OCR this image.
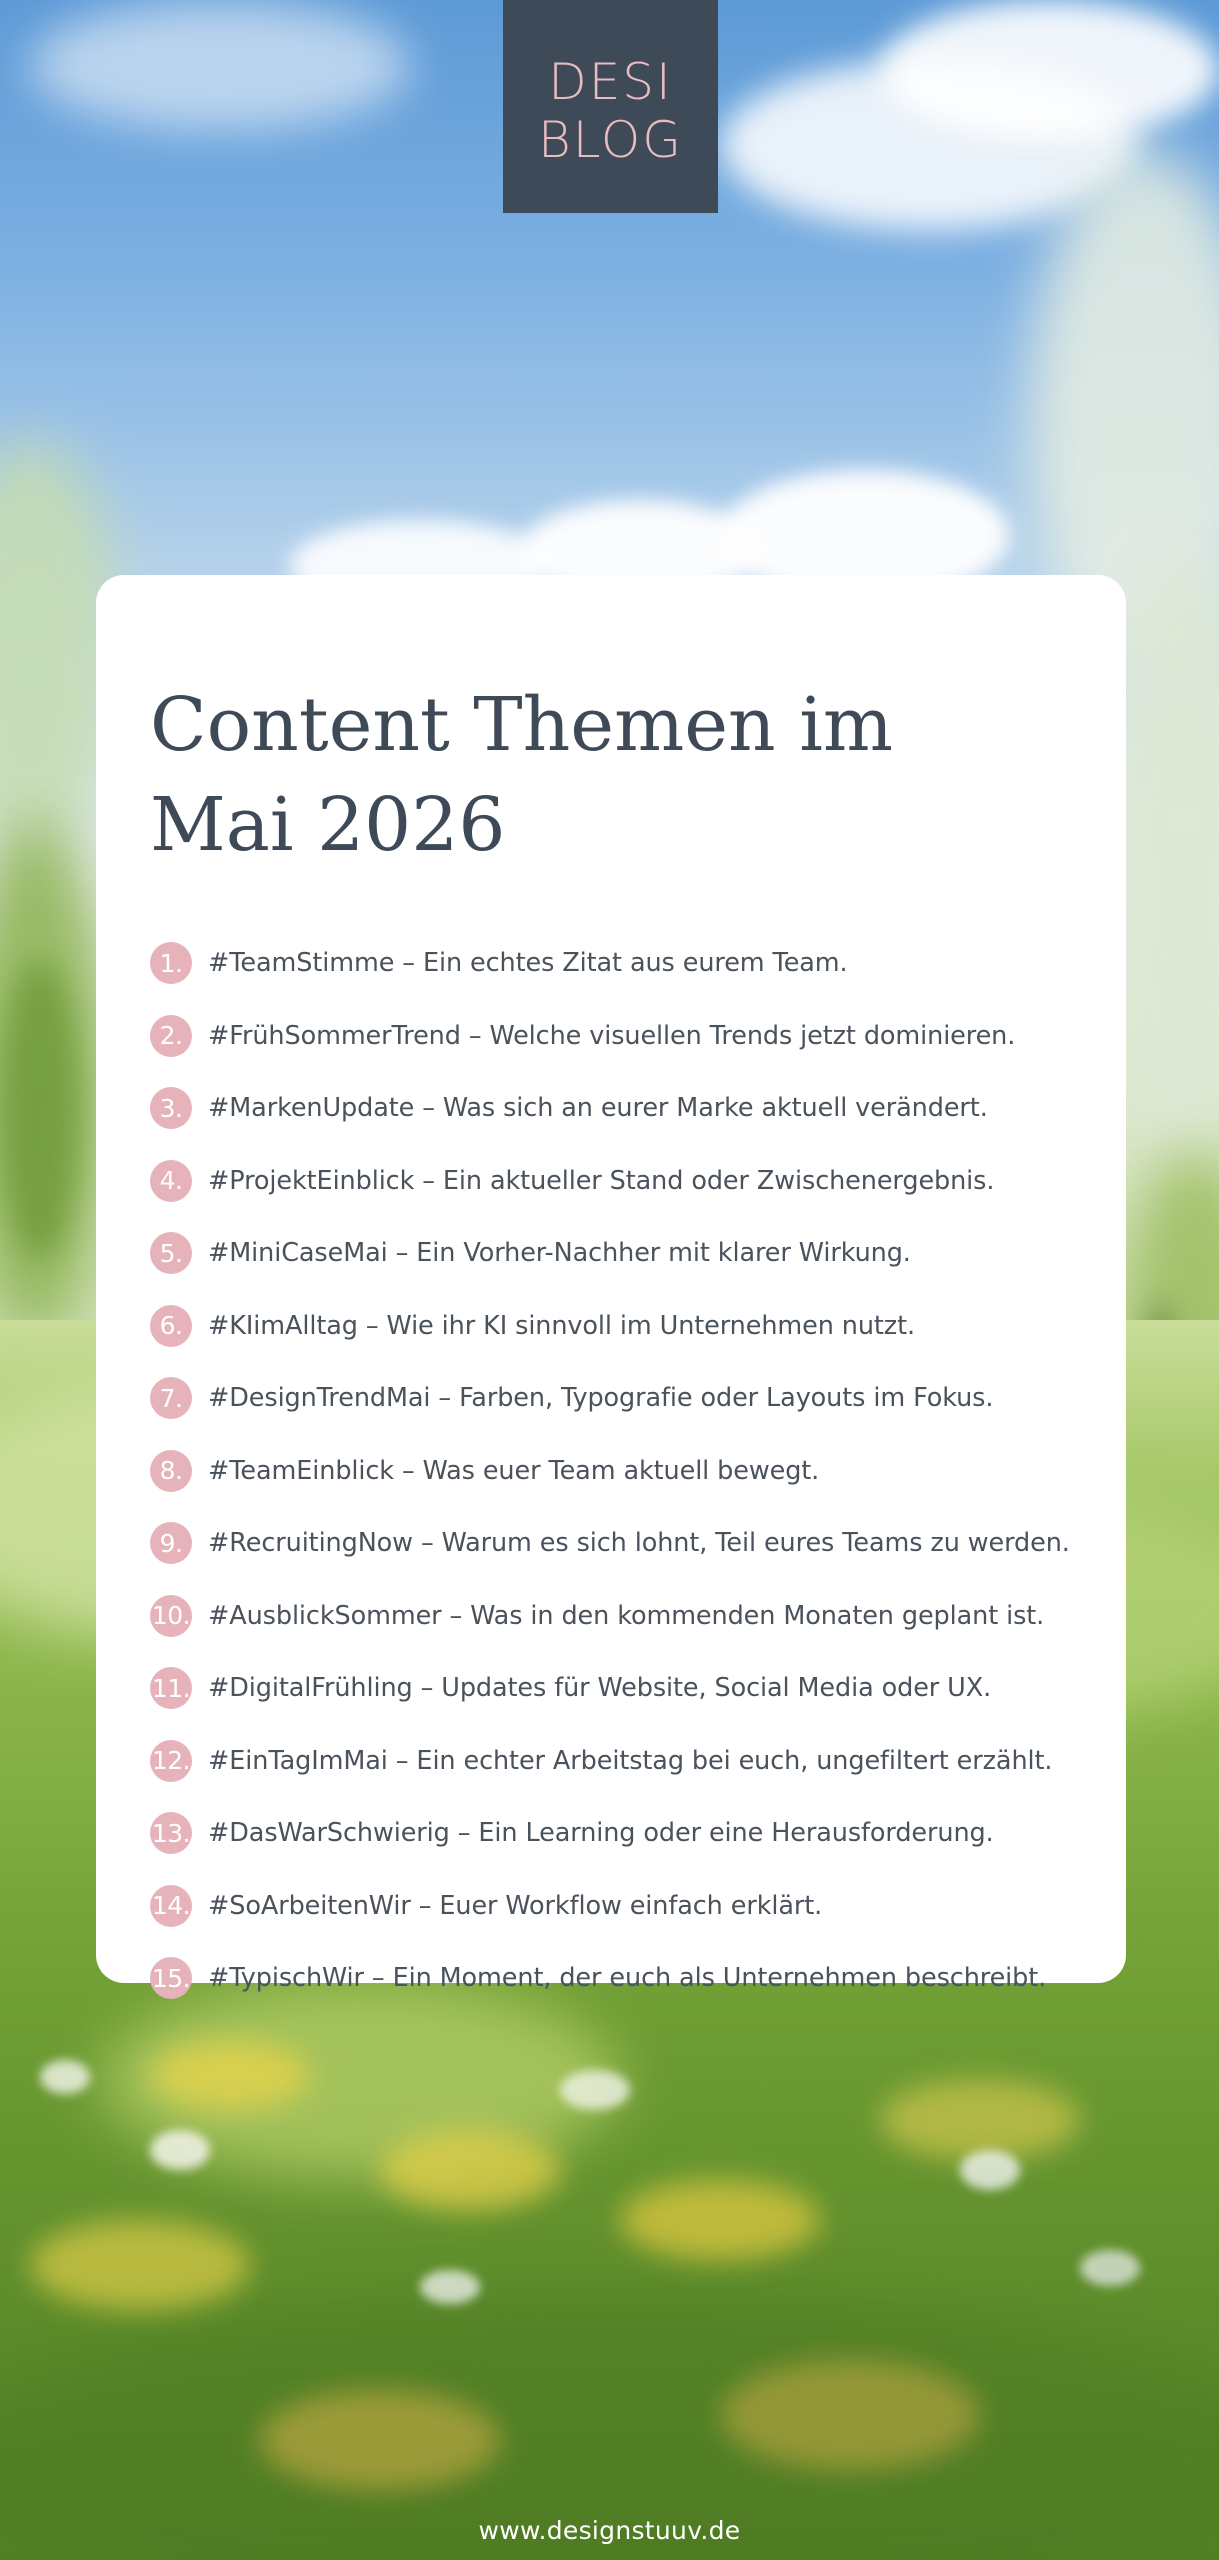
DESI
BLOG
Content Themen im
Mai 2026
1.	#TeamStimme – Ein echtes Zitat aus eurem Team.
2.	#FrühSommerTrend – Welche visuellen Trends jetzt dominieren.
3.	#MarkenUpdate – Was sich an eurer Marke aktuell verändert.
4.	#ProjektEinblick – Ein aktueller Stand oder Zwischenergebnis.
5.	#MiniCaseMai – Ein Vorher-Nachher mit klarer Wirkung.
6.	#KIimAlltag – Wie ihr KI sinnvoll im Unternehmen nutzt.
7.	#DesignTrendMai – Farben, Typografie oder Layouts im Fokus.
8.	#TeamEinblick – Was euer Team aktuell bewegt.
9.	#RecruitingNow – Warum es sich lohnt, Teil eures Teams zu werden.
10. #AusblickSommer – Was in den kommenden Monaten geplant ist.
11. #DigitalFrühling – Updates für Website, Social Media oder UX.
12. #EinTagImMai – Ein echter Arbeitstag bei euch, ungefiltert erzählt.
13. #DasWarSchwierig – Ein Learning oder eine Herausforderung.
14. #SoArbeitenWir – Euer Workflow einfach erklärt.
15. #TypischWir – Ein Moment, der euch als Unternehmen beschreibt.
www.designstuuv.de
